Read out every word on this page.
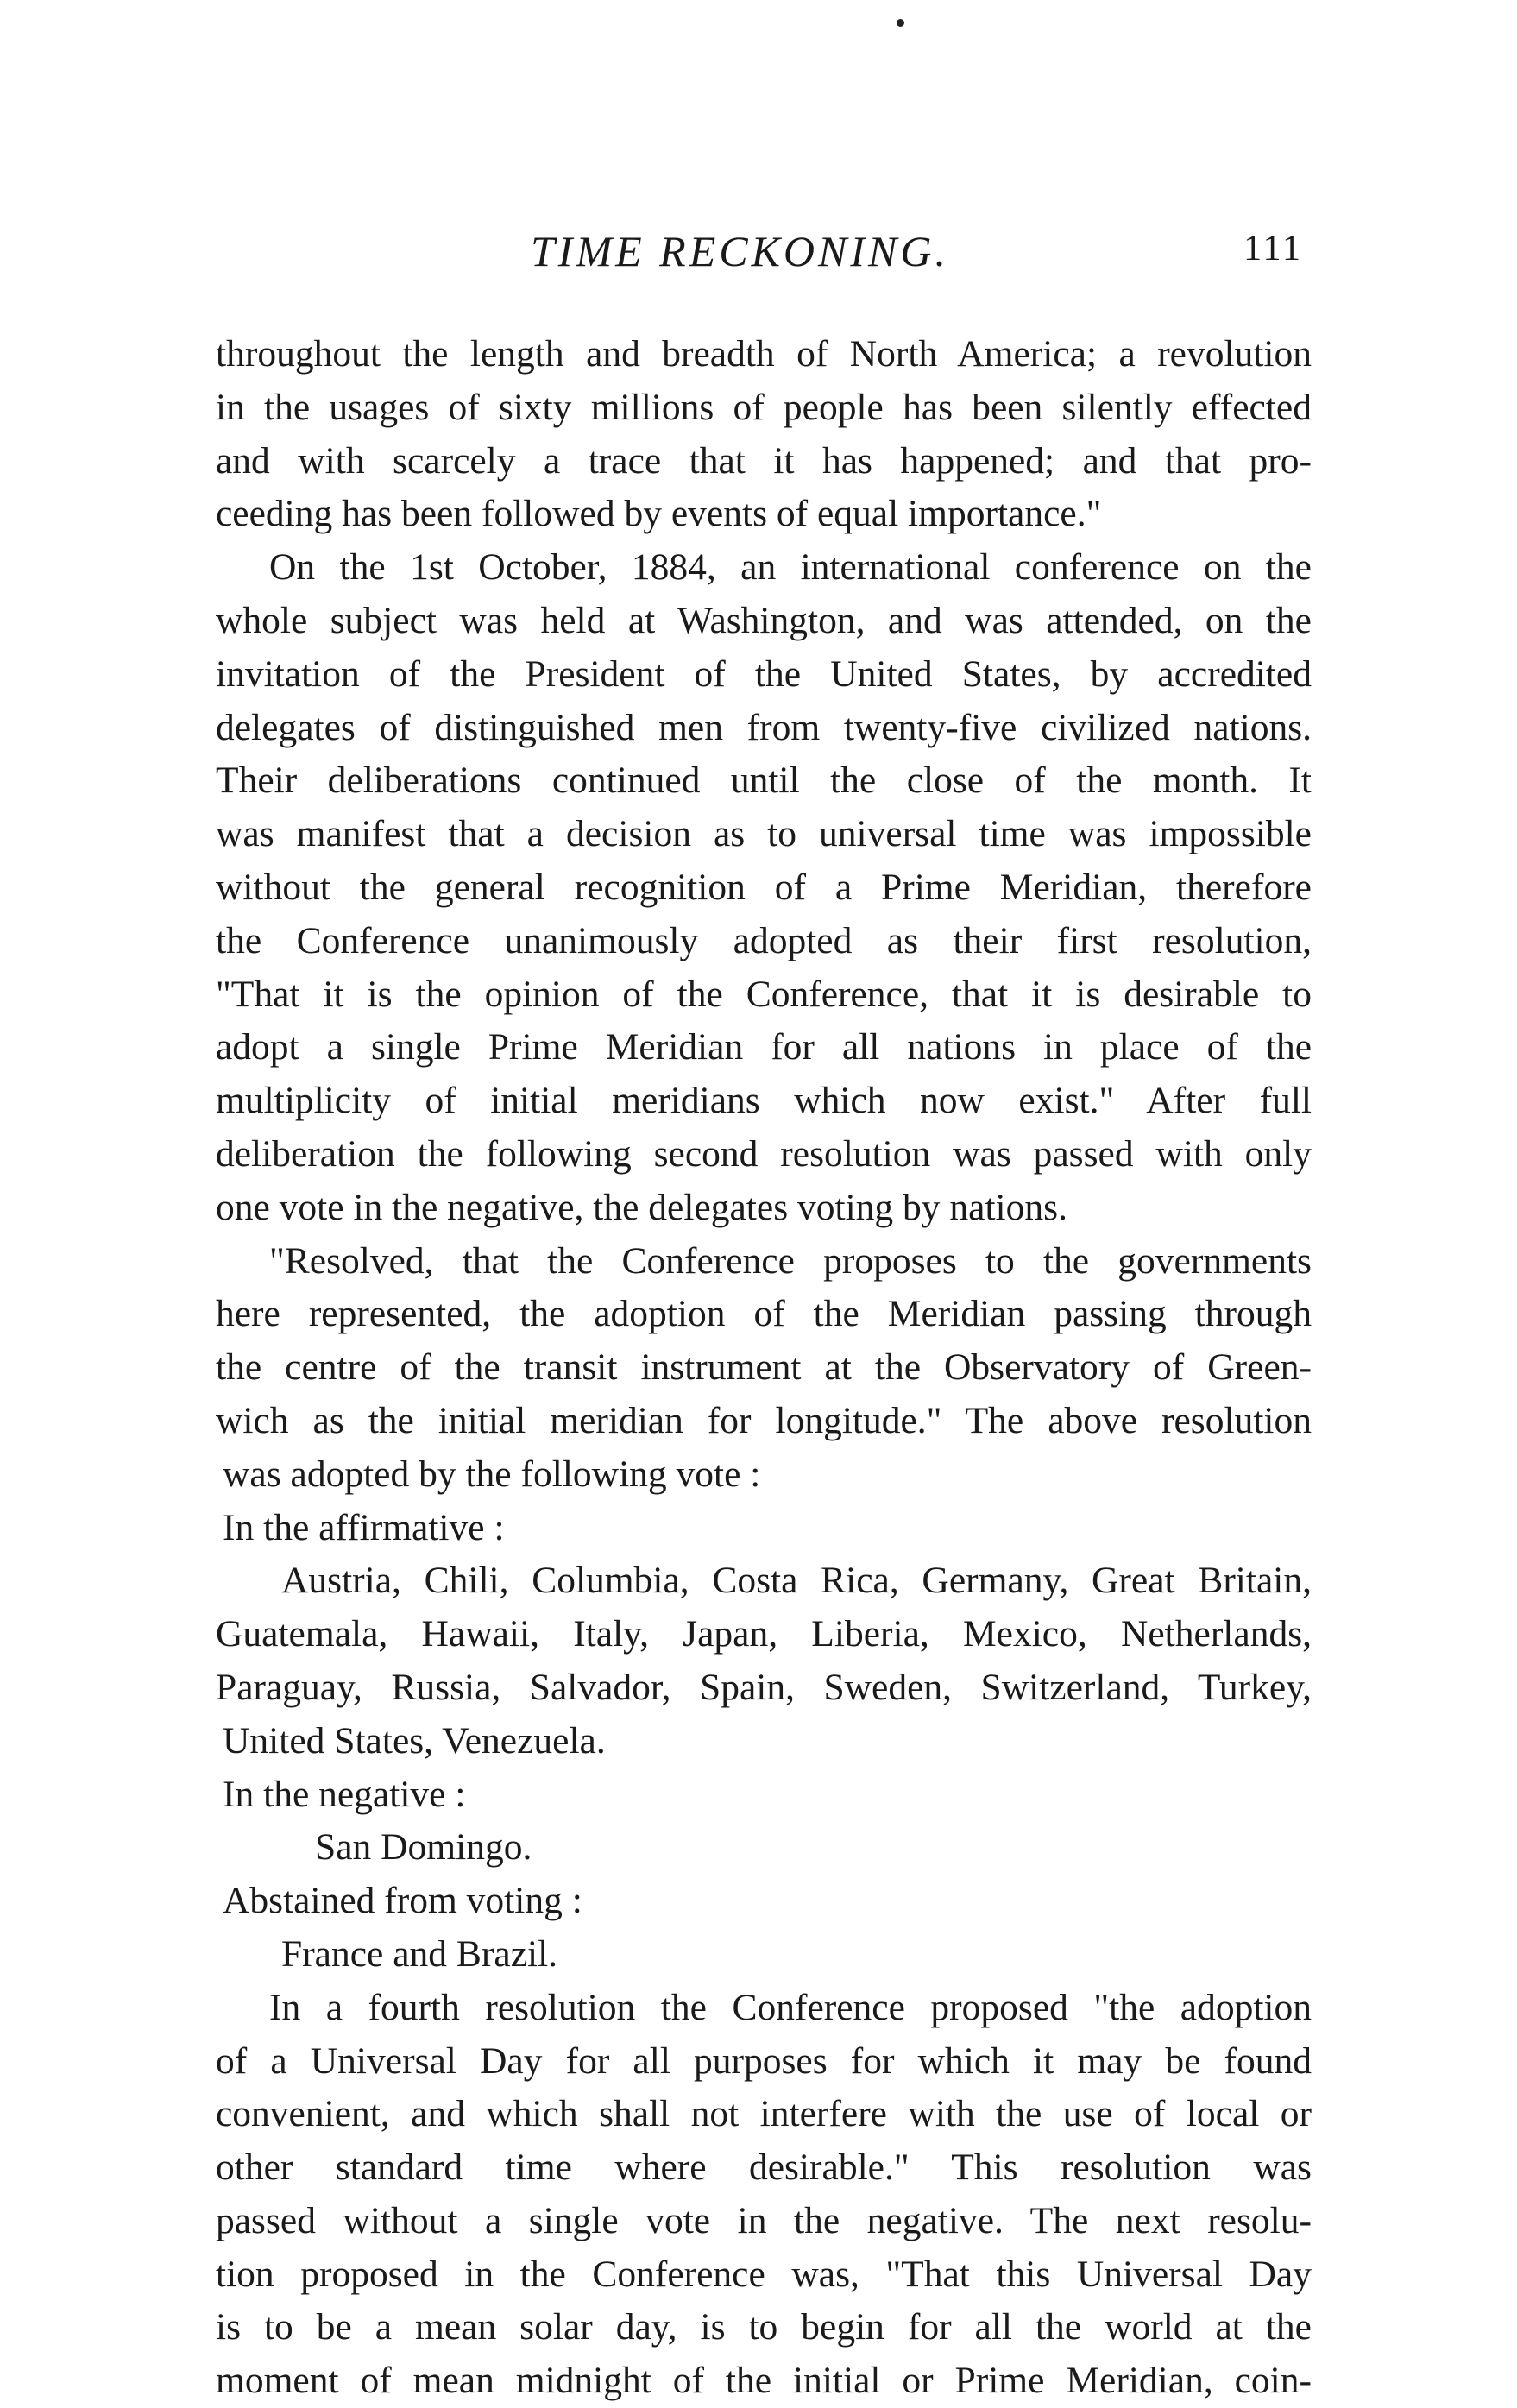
TIME RECKONING.	111
throughout the length and breadth of North America; a revolution
in the usages of sixty millions of people has been silently effected
and with scarcely a trace that it has happened; and that pro-
ceeding has been followed by events of equal importance."
On the 1st October, 1884, an international conference on the
whole subject was held at Washington, and was attended, on the
invitation of the President of the United States, by accredited
delegates of distinguished men from twenty-five civilized nations.
Their deliberations continued until the close of the month. It
was manifest that a decision as to universal time was impossible
without the general recognition of a Prime Meridian, therefore
the Conference unanimously adopted as their first resolution,
"That it is the opinion of the Conference, that it is desirable to
adopt a single Prime Meridian for all nations in place of the
multiplicity of initial meridians which now exist." After full
deliberation the following second resolution was passed with only
one vote in the negative, the delegates voting by nations.
"Resolved, that the Conference proposes to the governments
here represented, the adoption of the Meridian passing through
the centre of the transit instrument at the Observatory of Green-
wich as the initial meridian for longitude." The above resolution
was adopted by the following vote :
In the affirmative :
Austria, Chili, Columbia, Costa Rica, Germany, Great Britain,
Guatemala, Hawaii, Italy, Japan, Liberia, Mexico, Netherlands,
Paraguay, Russia, Salvador, Spain, Sweden, Switzerland, Turkey,
United States, Venezuela.
In the negative :
San Domingo.
Abstained from voting :
France and Brazil.
In a fourth resolution the Conference proposed "the adoption
of a Universal Day for all purposes for which it may be found
convenient, and which shall not interfere with the use of local or
other standard time where desirable." This resolution was
passed without a single vote in the negative. The next resolu-
tion proposed in the Conference was, "That this Universal Day
is to be a mean solar day, is to begin for all the world at the
moment of mean midnight of the initial or Prime Meridian, coin-
